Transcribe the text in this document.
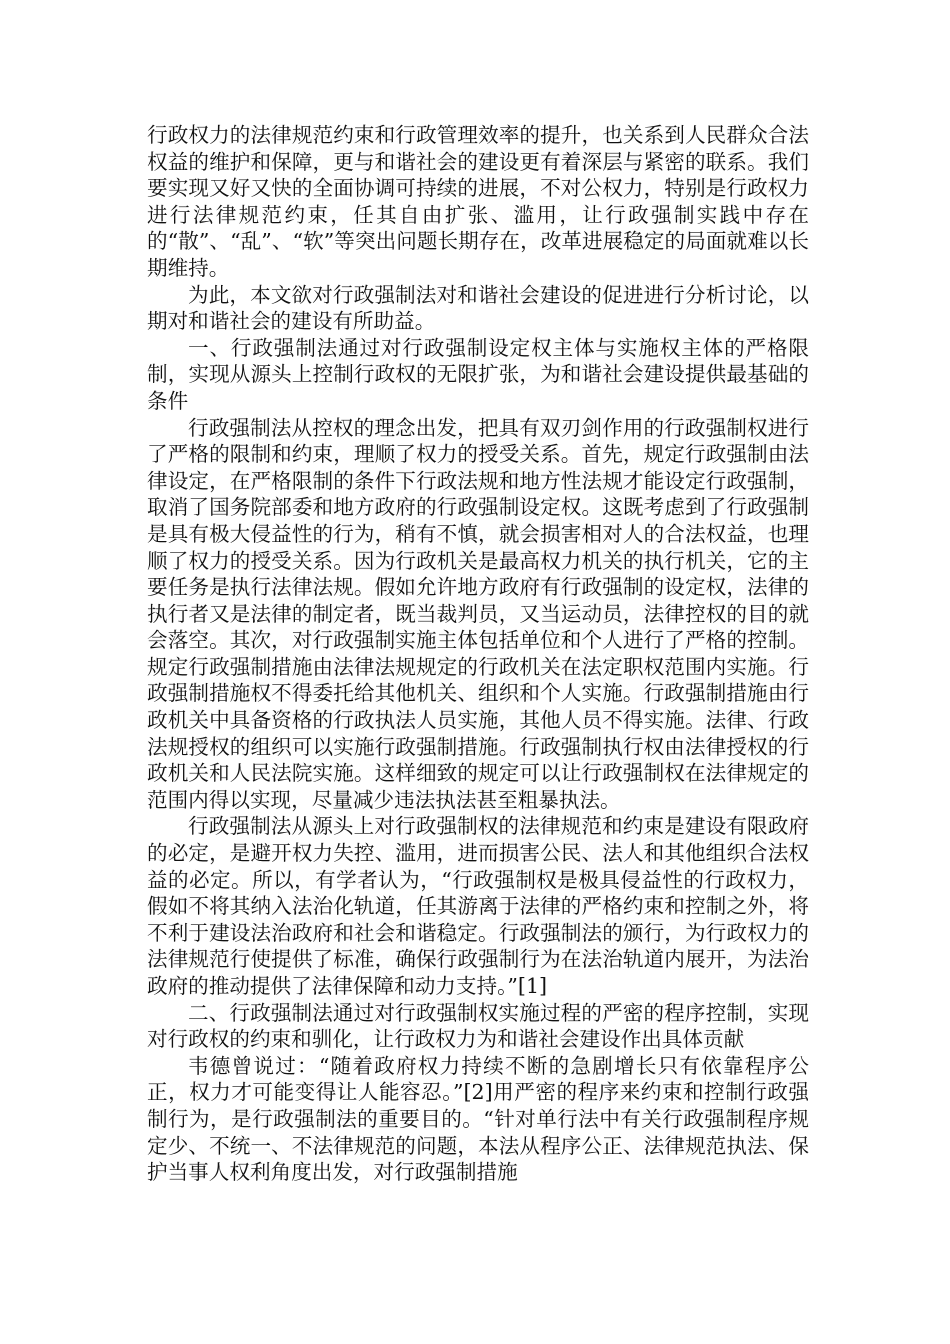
行政权力的法律规范约束和行政管理效率的提升，也关系到人民群众合法权益的维护和保障，更与和谐社会的建设更有着深层与紧密的联系。我们要实现又好又快的全面协调可持续的进展，不对公权力，特别是行政权力进行法律规范约束，任其自由扩张、滥用，让行政强制实践中存在的“散”、“乱”、“软”等突出问题长期存在，改革进展稳定的局面就难以长期维持。

为此，本文欲对行政强制法对和谐社会建设的促进进行分析讨论，以期对和谐社会的建设有所助益。

一、行政强制法通过对行政强制设定权主体与实施权主体的严格限制，实现从源头上控制行政权的无限扩张，为和谐社会建设提供最基础的条件

行政强制法从控权的理念出发，把具有双刃剑作用的行政强制权进行了严格的限制和约束，理顺了权力的授受关系。首先，规定行政强制由法律设定，在严格限制的条件下行政法规和地方性法规才能设定行政强制，取消了国务院部委和地方政府的行政强制设定权。这既考虑到了行政强制是具有极大侵益性的行为，稍有不慎，就会损害相对人的合法权益，也理顺了权力的授受关系。因为行政机关是最高权力机关的执行机关，它的主要任务是执行法律法规。假如允许地方政府有行政强制的设定权，法律的执行者又是法律的制定者，既当裁判员，又当运动员，法律控权的目的就会落空。其次，对行政强制实施主体包括单位和个人进行了严格的控制。规定行政强制措施由法律法规规定的行政机关在法定职权范围内实施。行政强制措施权不得委托给其他机关、组织和个人实施。行政强制措施由行政机关中具备资格的行政执法人员实施，其他人员不得实施。法律、行政法规授权的组织可以实施行政强制措施。行政强制执行权由法律授权的行政机关和人民法院实施。这样细致的规定可以让行政强制权在法律规定的范围内得以实现，尽量减少违法执法甚至粗暴执法。

行政强制法从源头上对行政强制权的法律规范和约束是建设有限政府的必定，是避开权力失控、滥用，进而损害公民、法人和其他组织合法权益的必定。所以，有学者认为，“行政强制权是极具侵益性的行政权力，假如不将其纳入法治化轨道，任其游离于法律的严格约束和控制之外，将不利于建设法治政府和社会和谐稳定。行政强制法的颁行，为行政权力的法律规范行使提供了标准，确保行政强制行为在法治轨道内展开，为法治政府的推动提供了法律保障和动力支持。”[1]

二、行政强制法通过对行政强制权实施过程的严密的程序控制，实现对行政权的约束和驯化，让行政权力为和谐社会建设作出具体贡献

韦德曾说过：“随着政府权力持续不断的急剧增长只有依靠程序公正，权力才可能变得让人能容忍。”[2]用严密的程序来约束和控制行政强制行为，是行政强制法的重要目的。“针对单行法中有关行政强制程序规定少、不统一、不法律规范的问题，本法从程序公正、法律规范执法、保护当事人权利角度出发，对行政强制措施
